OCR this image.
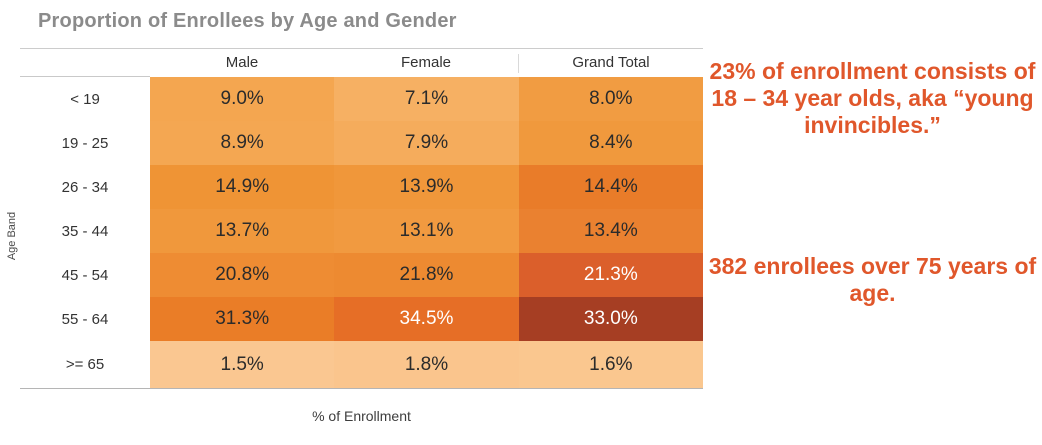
Proportion of Enrollees by Age and Gender
Male	Female	Grand Total
< 19	9.0%	7.1%	8.0%
19 - 25	8.9%	7.9%	8.4%
26 - 34	14.9%	13.9%	14.4%
35 - 44	13.7%	13.1%	13.4%
45 - 54	20.8%	21.8%	21.3%
55 - 64	31.3%	34.5%	33.0%
>= 65	1.5%	1.8%	1.6%
Age Band
% of Enrollment
23% of enrollment consists of 18 – 34 year olds, aka “young invincibles.”
382 enrollees over 75 years of age.
